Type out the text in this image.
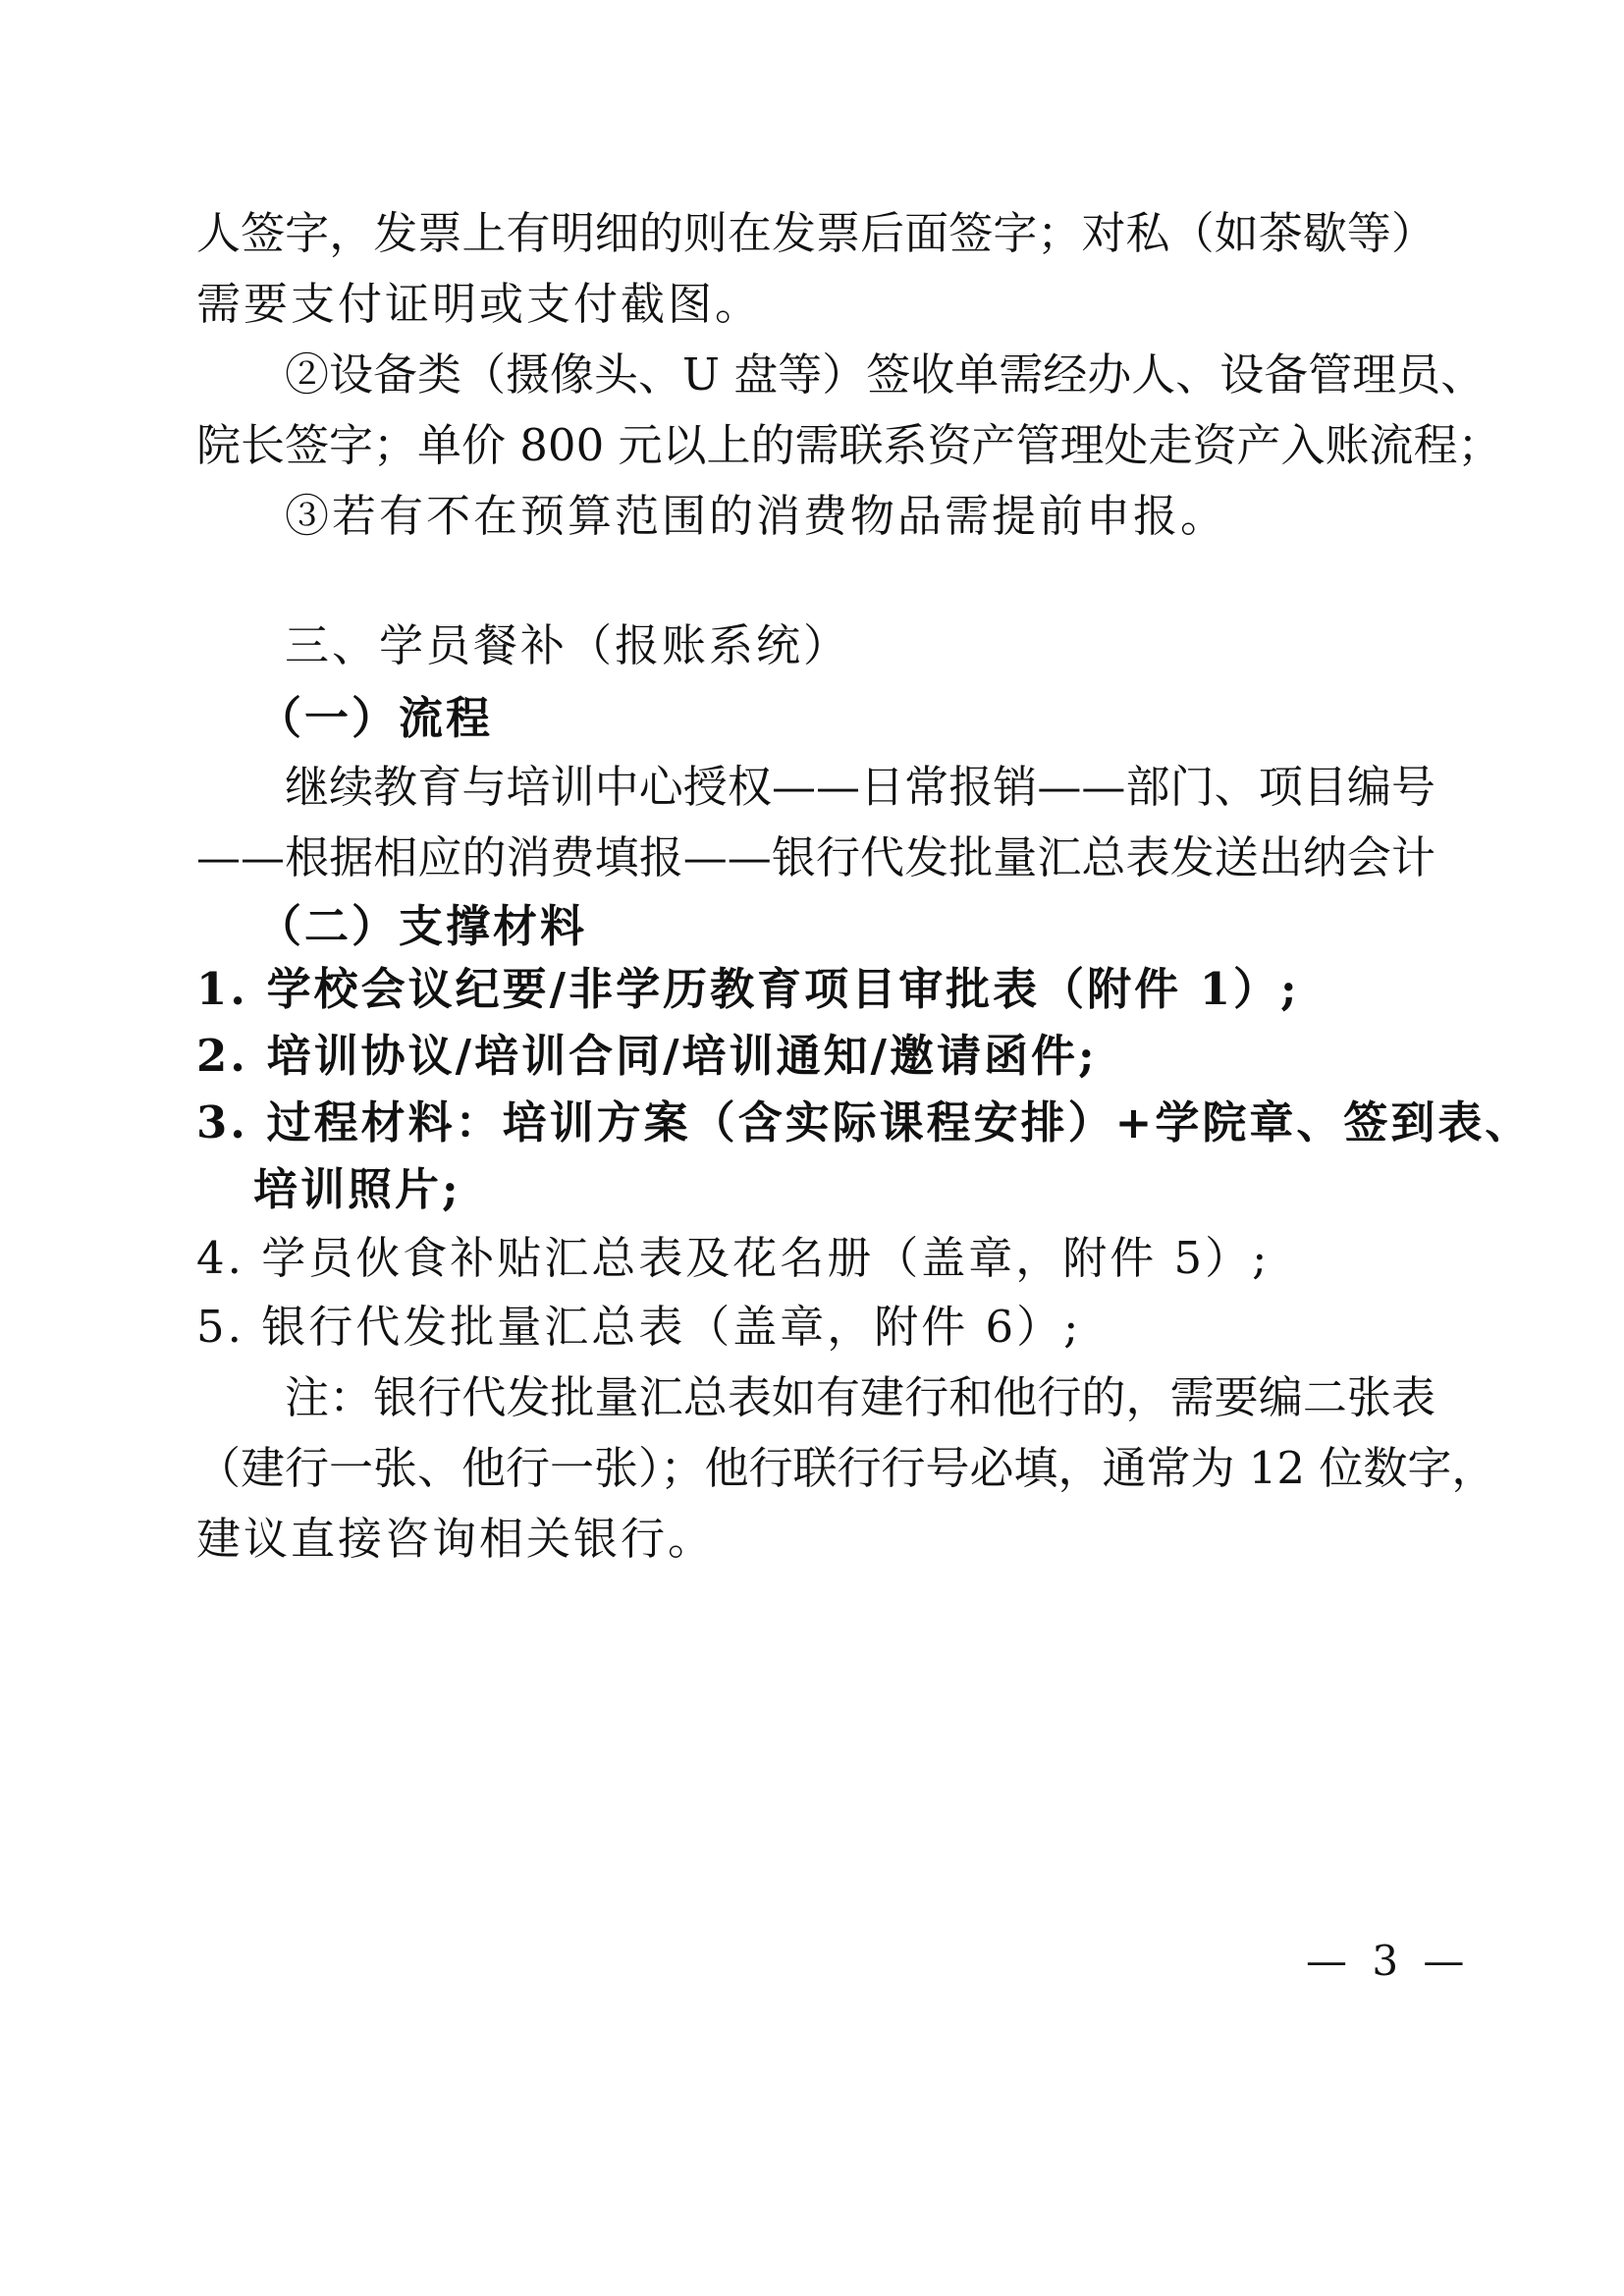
人签字，发票上有明细的则在发票后面签字；对私（如茶歇等）
需要支付证明或支付截图。
②设备类（摄像头、U 盘等）签收单需经办人、设备管理员、
院长签字；单价 800 元以上的需联系资产管理处走资产入账流程；
③若有不在预算范围的消费物品需提前申报。
三、学员餐补（报账系统）
（一）流程
继续教育与培训中心授权——日常报销——部门、项目编号
——根据相应的消费填报——银行代发批量汇总表发送出纳会计
（二）支撑材料
1. 学校会议纪要/非学历教育项目审批表（附件 1）;
2. 培训协议/培训合同/培训通知/邀请函件;
3. 过程材料：培训方案（含实际课程安排）+学院章、签到表、
培训照片;
4. 学员伙食补贴汇总表及花名册（盖章，附件 5）;
5. 银行代发批量汇总表（盖章，附件 6）;
注：银行代发批量汇总表如有建行和他行的，需要编二张表
（建行一张、他行一张）；他行联行行号必填，通常为 12 位数字，
建议直接咨询相关银行。
— 3 —
